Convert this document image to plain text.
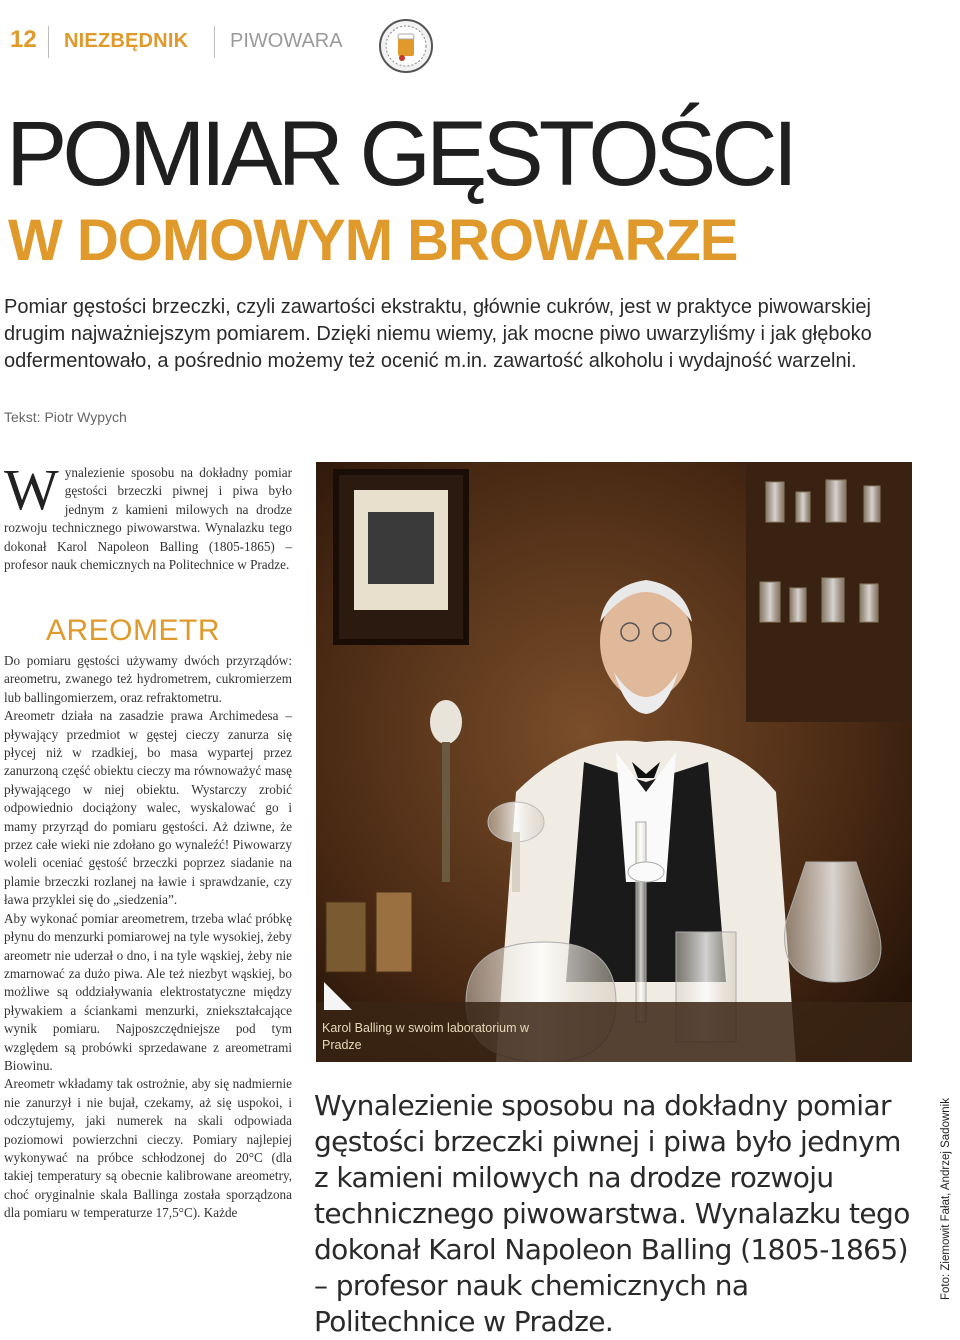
12 NIEZBĘDNIK PIWOWARA
POMIAR GĘSTOŚCI
W DOMOWYM BROWARZE

Pomiar gęstości brzeczki, czyli zawartości ekstraktu, głównie cukrów, jest w praktyce piwowarskiej drugim najważniejszym pomiarem. Dzięki niemu wiemy, jak mocne piwo uwarzyliśmy i jak głęboko odfermentowało, a pośrednio możemy też ocenić m.in. zawartość alkoholu i wydajność warzelni.

Tekst: Piotr Wypych
Wynalezienie sposobu na dokładny pomiar gęstości brzeczki piwnej i piwa było jednym z kamieni milowych na drodze rozwoju technicznego piwowarstwa. Wynalazku tego dokonał Karol Napoleon Balling (1805-1865) – profesor nauk chemicznych na Politechnice w Pradze.
AREOMETR

Do pomiaru gęstości używamy dwóch przyrządów: areometru, zwanego też hydrometrem, cukromierzem lub ballingomierzem, oraz refraktometru.

Areometr działa na zasadzie prawa Archimedesa – pływający przedmiot w gęstej cieczy zanurza się płycej niż w rzadkiej, bo masa wypartej przez zanurzoną część obiektu cieczy ma równoważyć masę pływającego w niej obiektu. Wystarczy zrobić odpowiednio dociążony walec, wyskalować go i mamy przyrząd do pomiaru gęstości. Aż dziwne, że przez całe wieki nie zdołano go wynaleźć! Piwowarzy woleli oceniać gęstość brzeczki poprzez siadanie na plamie brzeczki rozlanej na ławie i sprawdzanie, czy ława przyklei się do „siedzenia”.

Aby wykonać pomiar areometrem, trzeba wlać próbkę płynu do menzurki pomiarowej na tyle wysokiej, żeby areometr nie uderzał o dno, i na tyle wąskiej, żeby nie zmarnować za dużo piwa. Ale też niezbyt wąskiej, bo możliwe są oddziaływania elektrostatyczne między pływakiem a ściankami menzurki, zniekształcające wynik pomiaru. Najposzczędniejsze pod tym względem są probówki sprzedawane z areometrami Biowinu.

Areometr wkładamy tak ostrożnie, aby się nadmiernie nie zanurzył i nie bujał, czekamy, aż się uspokoi, i odczytujemy, jaki numerek na skali odpowiada poziomowi powierzchni cieczy. Pomiary najlepiej wykonywać na próbce schłodzonej do 20°C (dla takiej temperatury są obecnie kalibrowane areometry, choć oryginalnie skala Ballinga została sporządzona dla pomiaru w temperaturze 17,5°C). Każde

Karol Balling w swoim laboratorium w Pradze
Wynalezienie sposobu na dokładny pomiar gęstości brzeczki piwnej i piwa było jednym z kamieni milowych na drodze rozwoju technicznego piwowarstwa. Wynalazku tego dokonał Karol Napoleon Balling (1805-1865) – profesor nauk chemicznych na Politechnice w Pradze.
Foto: Ziemowit Fałat, Andrzej Sadownik
